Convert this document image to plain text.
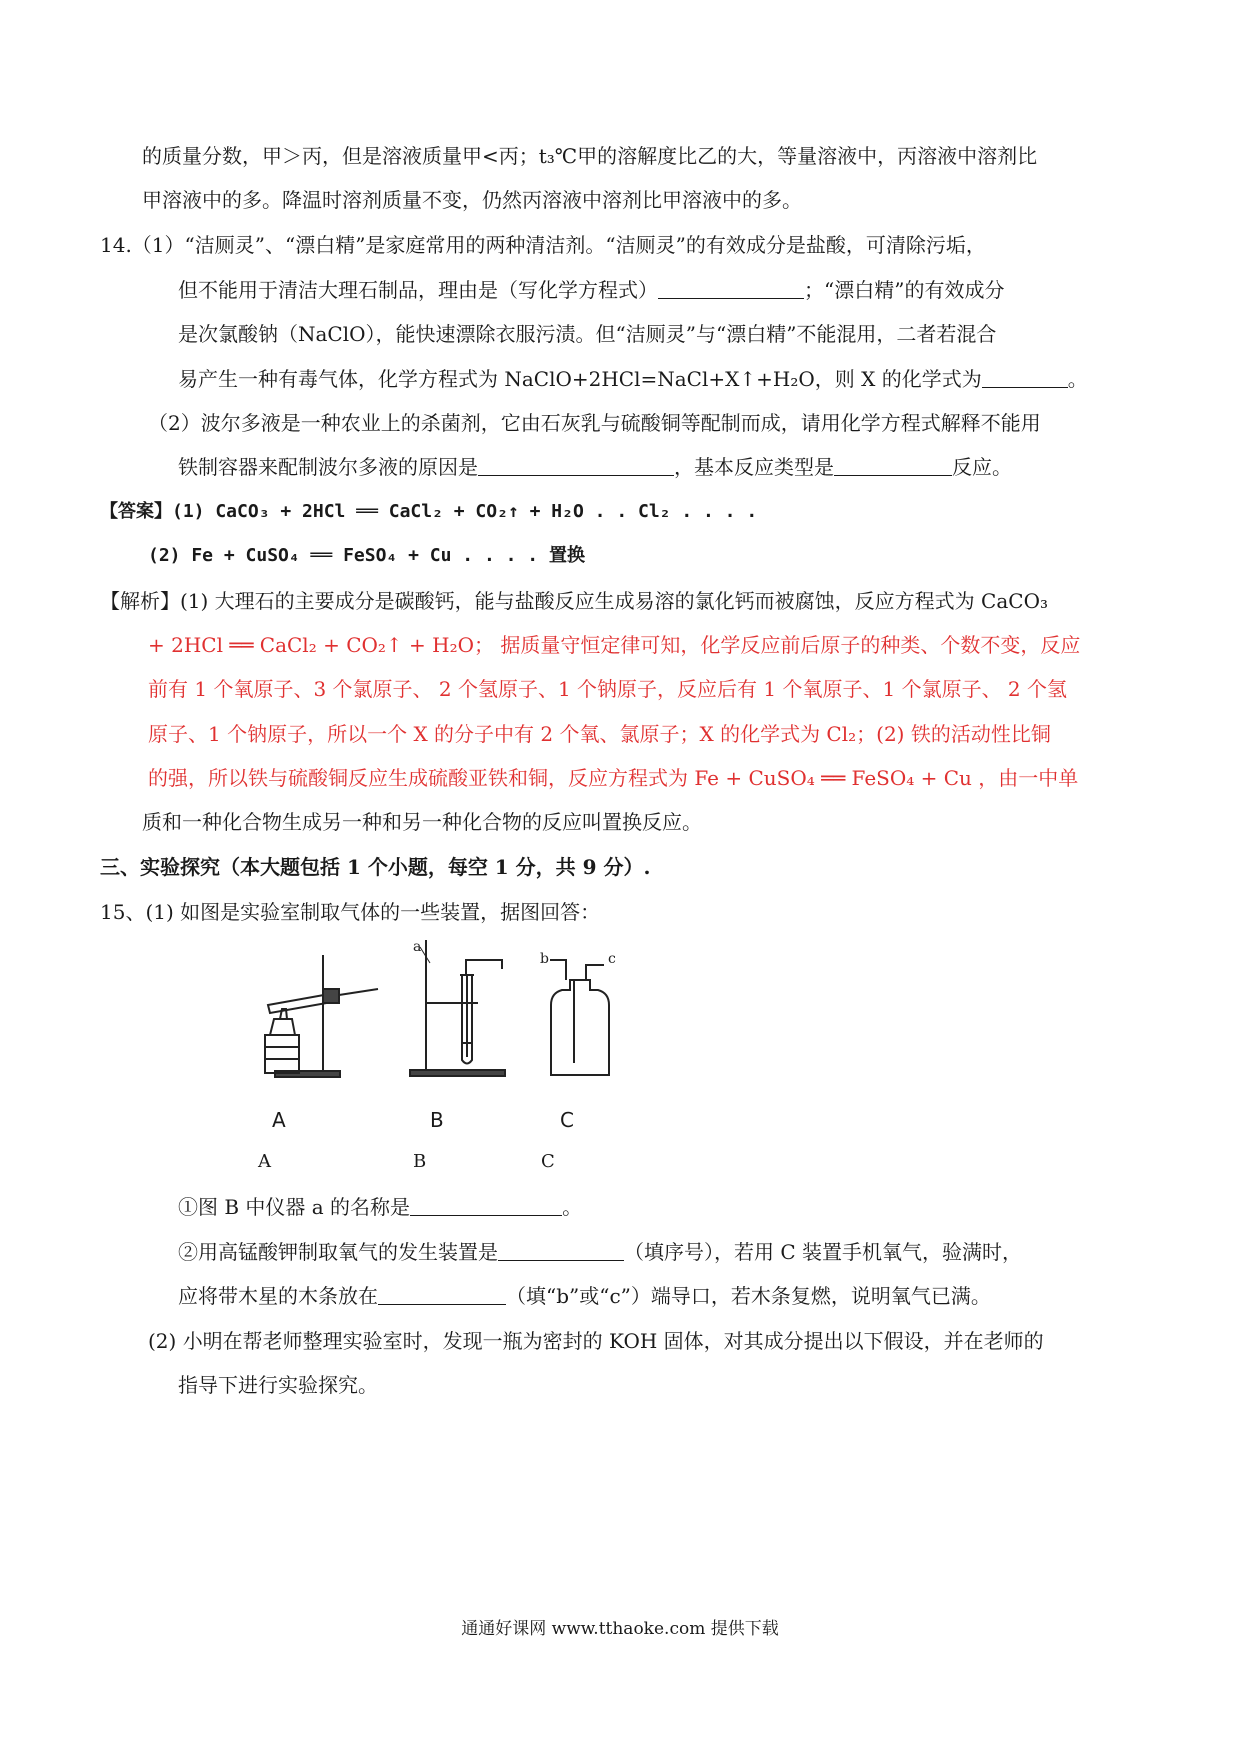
的质量分数，甲＞丙，但是溶液质量甲<丙；t₃℃甲的溶解度比乙的大，等量溶液中，丙溶液中溶剂比
甲溶液中的多。降温时溶剂质量不变，仍然丙溶液中溶剂比甲溶液中的多。
14.（1）“洁厕灵”、“漂白精”是家庭常用的两种清洁剂。“洁厕灵”的有效成分是盐酸，可清除污垢，
但不能用于清洁大理石制品，理由是（写化学方程式）	；“漂白精”的有效成分
是次氯酸钠（NaClO），能快速漂除衣服污渍。但“洁厕灵”与“漂白精”不能混用，二者若混合
易产生一种有毒气体，化学方程式为 NaClO+2HCl=NaCl+X↑+H₂O，则 X 的化学式为	。
（2）波尔多液是一种农业上的杀菌剂，它由石灰乳与硫酸铜等配制而成，请用化学方程式解释不能用
铁制容器来配制波尔多液的原因是	，基本反应类型是	反应。
【答案】(1) CaCO₃ + 2HCl ══ CaCl₂ + CO₂↑ + H₂O . . Cl₂ . . . .
(2) Fe + CuSO₄ ══ FeSO₄ + Cu . . . . 置换
【解析】(1) 大理石的主要成分是碳酸钙，能与盐酸反应生成易溶的氯化钙而被腐蚀，反应方程式为 CaCO₃
+ 2HCl ══ CaCl₂ + CO₂↑ + H₂O； 据质量守恒定律可知，化学反应前后原子的种类、个数不变，反应
前有 1 个氧原子、3 个氯原子、 2 个氢原子、1 个钠原子，反应后有 1 个氧原子、1 个氯原子、 2 个氢
原子、1 个钠原子，所以一个 X 的分子中有 2 个氧、氯原子；X 的化学式为 Cl₂；(2) 铁的活动性比铜
的强，所以铁与硫酸铜反应生成硫酸亚铁和铜，反应方程式为 Fe + CuSO₄ ══ FeSO₄ + Cu ，由一中单
质和一种化合物生成另一种和另一种化合物的反应叫置换反应。
三、实验探究（本大题包括 1 个小题，每空 1 分，共 9 分）.
15、(1) 如图是实验室制取气体的一些装置，据图回答：
a
b	c
A	B	C
A	B	C
①图 B 中仪器 a 的名称是	。
②用高锰酸钾制取氧气的发生装置是	（填序号），若用 C 装置手机氧气，验满时，
应将带木星的木条放在	（填“b”或“c”）端导口，若木条复燃，说明氧气已满。
(2) 小明在帮老师整理实验室时，发现一瓶为密封的 KOH 固体，对其成分提出以下假设，并在老师的
指导下进行实验探究。
通通好课网 www.tthaoke.com 提供下载
